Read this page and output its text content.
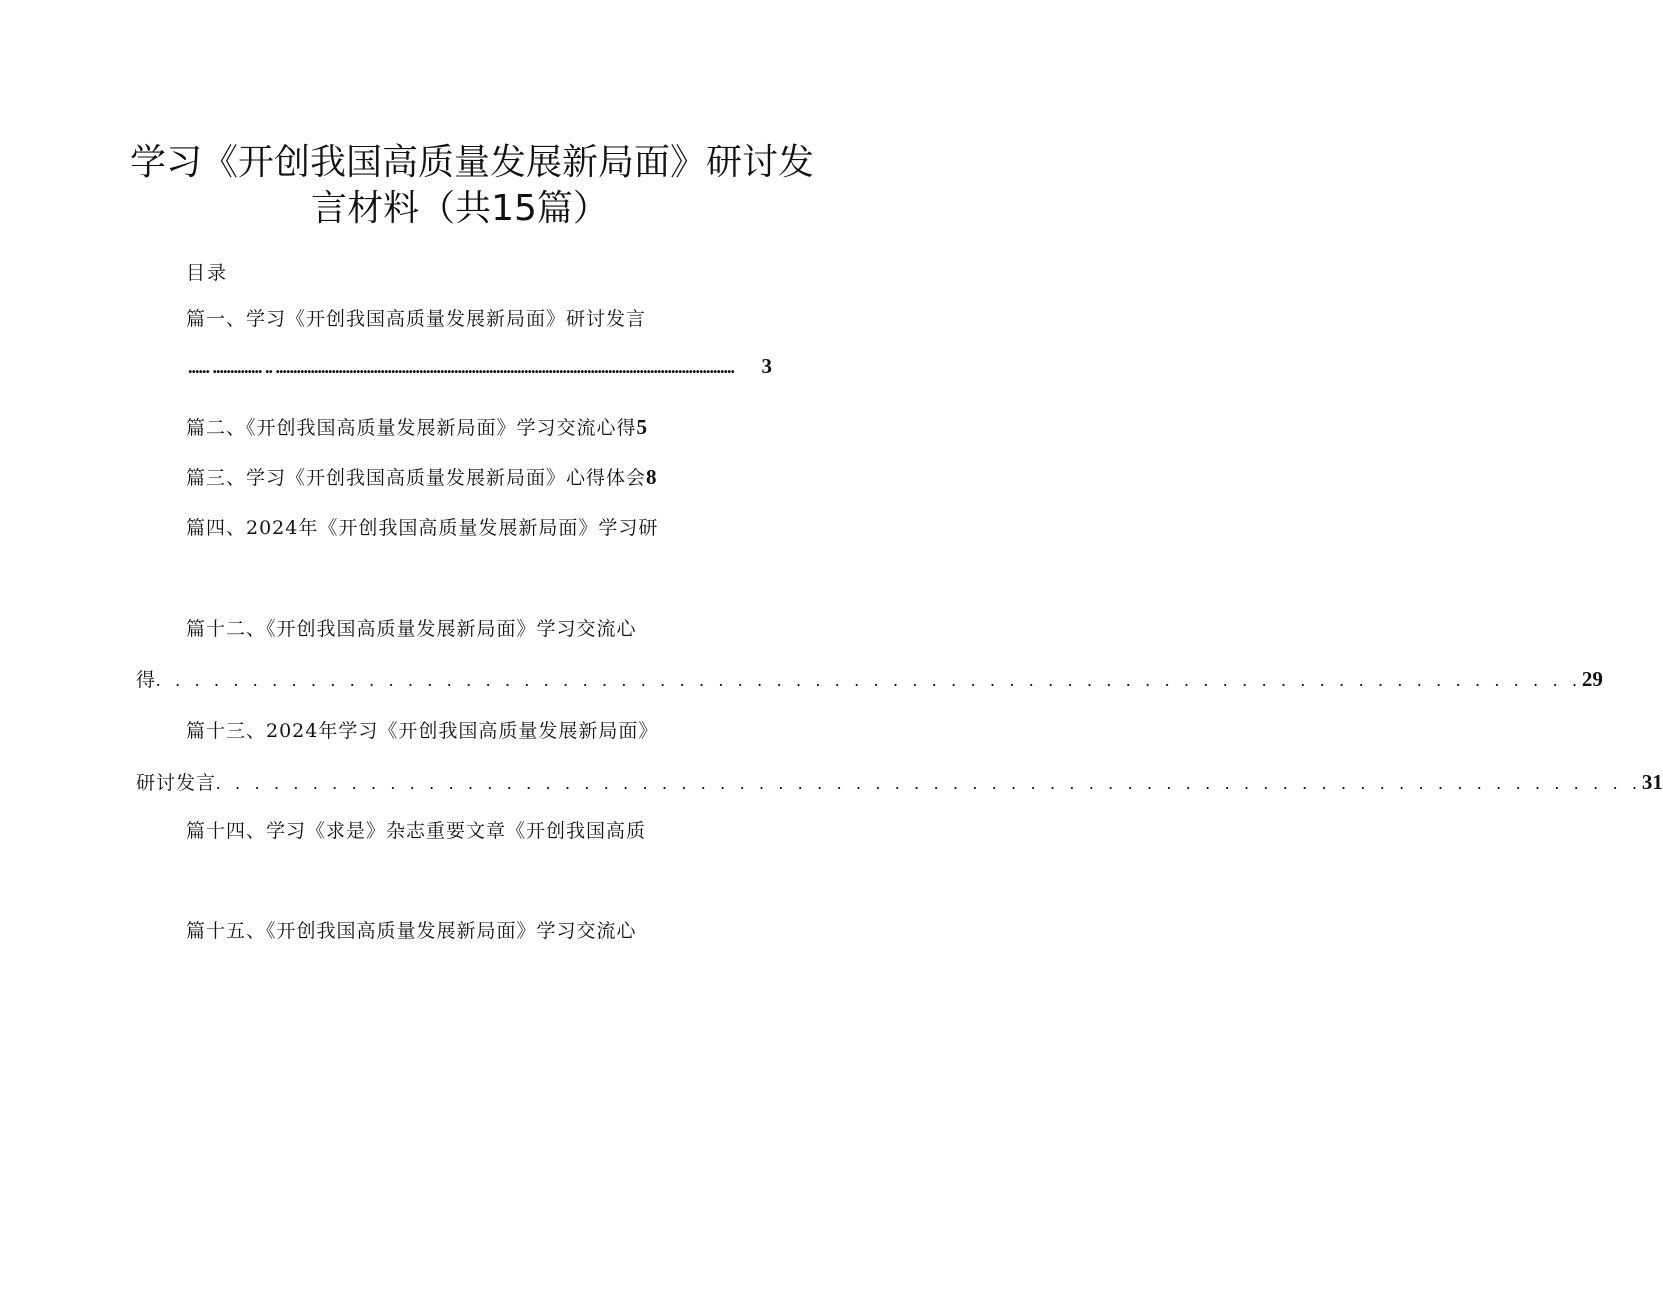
学习《开创我国高质量发展新局面》研讨发
言材料（共15篇）
目录
篇一、学习《开创我国高质量发展新局面》研讨发言
...... .............. .. ...................................................................................................................................	3
篇二、《开创我国高质量发展新局面》学习交流心得5
篇三、学习《开创我国高质量发展新局面》心得体会8
篇四、2024年《开创我国高质量发展新局面》学习研
篇十二、《开创我国高质量发展新局面》学习交流心
得 . . . . . . . . . . . . . . . . . . . . . . . . . . . . . . . . . . . . . . . . . . . . . . . . . . . . . . . . . . . . . . . . . . . . . . . . . . 29
篇十三、2024年学习《开创我国高质量发展新局面》
研讨发言 . . . . . . . . . . . . . . . . . . . . . . . . . . . . . . . . . . . . . . . . . . . . . . . . . . . . . . . . . . . . . . . . . . . . . . . . . . 31
篇十四、学习《求是》杂志重要文章《开创我国高质
篇十五、《开创我国高质量发展新局面》学习交流心
